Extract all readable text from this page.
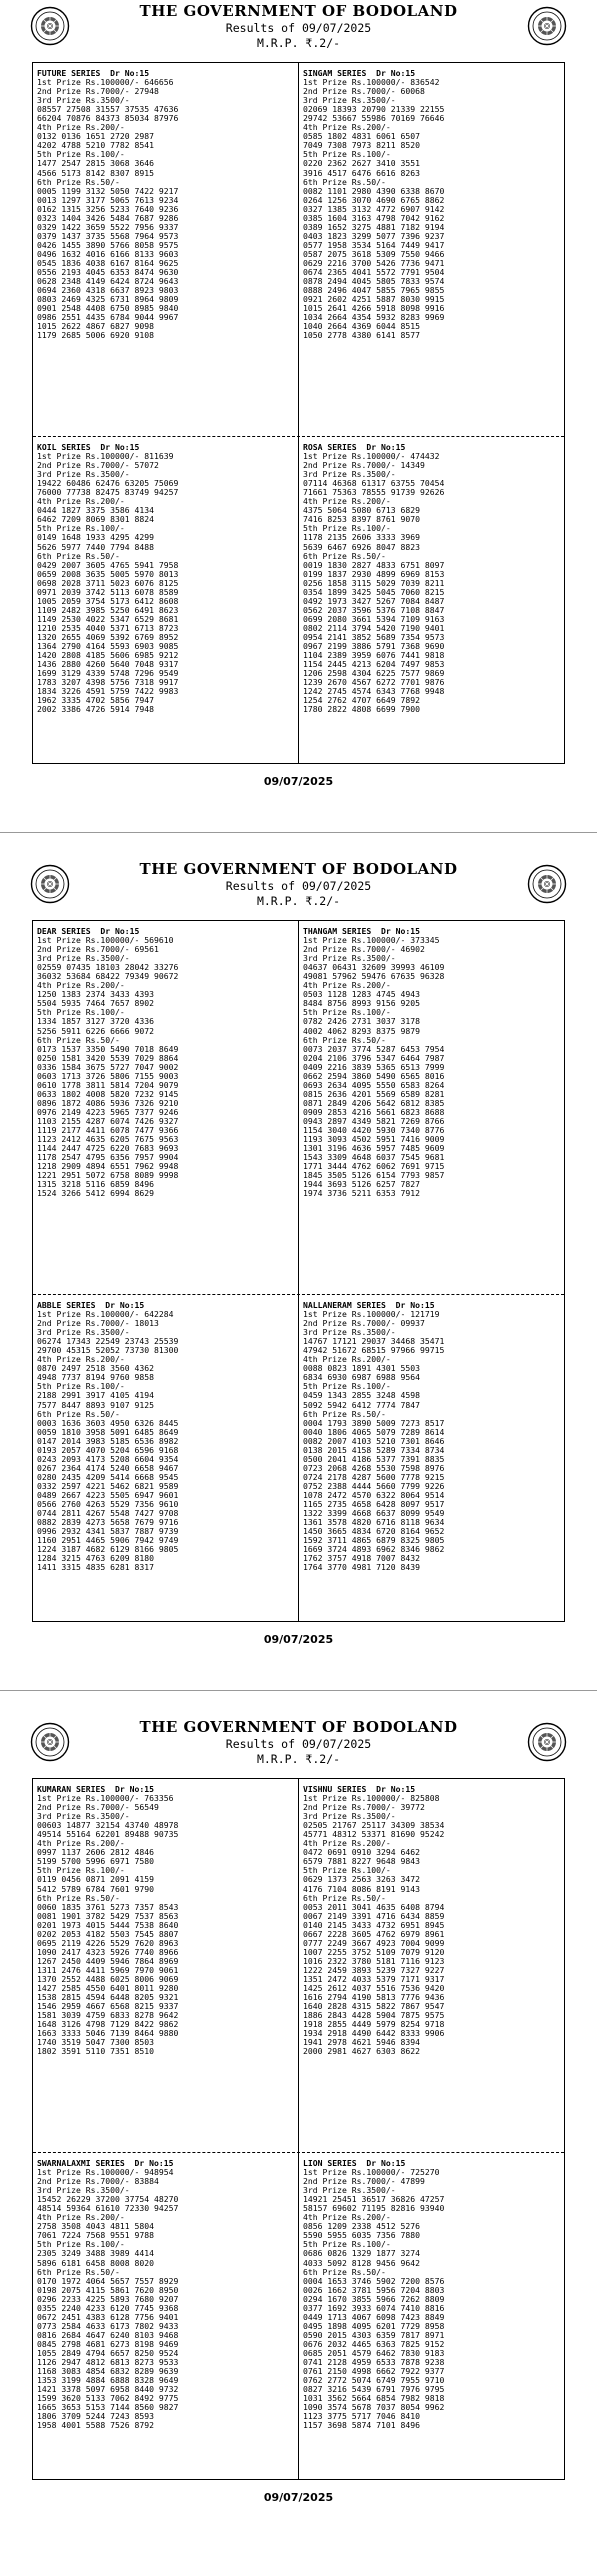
THE GOVERNMENT OF BODOLAND
Results of 09/07/2025
M.R.P. ₹.2/-
FUTURE SERIES  Dr No:15
1st Prize Rs.100000/- 646656
2nd Prize Rs.7000/- 27948
3rd Prize Rs.3500/-
08557 27508 31557 37535 47636
66204 70876 84373 85034 87976
4th Prize Rs.200/-
0132 0136 1651 2720 2987
4202 4788 5210 7782 8541
5th Prize Rs.100/-
1477 2547 2815 3068 3646
4566 5173 8142 8307 8915
6th Prize Rs.50/-
0005 1199 3132 5050 7422 9217
0013 1297 3177 5065 7613 9234
0162 1315 3256 5233 7640 9236
0323 1404 3426 5484 7687 9286
0329 1422 3659 5522 7956 9337
0379 1437 3735 5568 7964 9573
0426 1455 3890 5766 8058 9575
0496 1632 4016 6166 8133 9603
0545 1836 4038 6167 8164 9625
0556 2193 4045 6353 8474 9630
0628 2348 4149 6424 8724 9643
0694 2360 4318 6637 8923 9803
0803 2469 4325 6731 8964 9809
0901 2548 4408 6750 8985 9840
0986 2551 4435 6784 9044 9967
1015 2622 4867 6827 9098
1179 2685 5006 6920 9108
SINGAM SERIES  Dr No:15
1st Prize Rs.100000/- 836542
2nd Prize Rs.7000/- 60068
3rd Prize Rs.3500/-
02069 18393 20790 21339 22155
29742 53667 55986 70169 76646
4th Prize Rs.200/-
0585 1802 4831 6061 6507
7049 7308 7973 8211 8520
5th Prize Rs.100/-
0220 2362 2627 3410 3551
3916 4517 6476 6616 8263
6th Prize Rs.50/-
0082 1101 2980 4390 6338 8670
0264 1256 3070 4690 6765 8862
0327 1385 3132 4772 6907 9142
0385 1604 3163 4798 7042 9162
0389 1652 3275 4881 7182 9194
0403 1823 3299 5077 7396 9237
0577 1958 3534 5164 7449 9417
0587 2075 3618 5309 7550 9466
0629 2216 3700 5426 7736 9471
0674 2365 4041 5572 7791 9504
0878 2494 4045 5805 7833 9574
0888 2496 4047 5855 7965 9855
0921 2602 4251 5887 8030 9915
1015 2641 4266 5918 8098 9916
1034 2664 4354 5932 8283 9969
1040 2664 4369 6044 8515
1050 2778 4380 6141 8577
KOIL SERIES  Dr No:15
1st Prize Rs.100000/- 811639
2nd Prize Rs.7000/- 57072
3rd Prize Rs.3500/-
19422 60486 62476 63205 75069
76000 77738 82475 83749 94257
4th Prize Rs.200/-
0444 1827 3375 3586 4134
6462 7209 8069 8301 8824
5th Prize Rs.100/-
0149 1648 1933 4295 4299
5626 5977 7440 7794 8488
6th Prize Rs.50/-
0429 2007 3605 4765 5941 7958
0659 2008 3635 5005 5970 8013
0698 2028 3711 5023 6076 8125
0971 2039 3742 5113 6078 8589
1005 2059 3754 5173 6412 8608
1109 2482 3985 5250 6491 8623
1149 2530 4022 5347 6529 8681
1210 2535 4040 5371 6713 8723
1320 2655 4069 5392 6769 8952
1364 2790 4164 5593 6903 9085
1420 2808 4185 5606 6985 9212
1436 2880 4260 5640 7048 9317
1699 3129 4339 5748 7296 9549
1783 3207 4398 5756 7318 9917
1834 3226 4591 5759 7422 9983
1962 3335 4702 5856 7947
2002 3386 4726 5914 7948
ROSA SERIES  Dr No:15
1st Prize Rs.100000/- 474432
2nd Prize Rs.7000/- 14349
3rd Prize Rs.3500/-
07114 46368 61317 63755 70454
71661 75363 78555 91739 92626
4th Prize Rs.200/-
4375 5064 5080 6713 6829
7416 8253 8397 8761 9070
5th Prize Rs.100/-
1178 2135 2606 3333 3969
5639 6467 6926 8047 8823
6th Prize Rs.50/-
0019 1830 2827 4833 6751 8097
0199 1837 2930 4899 6969 8153
0256 1858 3115 5029 7039 8211
0354 1899 3425 5045 7060 8215
0492 1973 3427 5267 7084 8487
0562 2037 3596 5376 7108 8847
0699 2080 3661 5394 7109 9163
0802 2114 3794 5420 7190 9401
0954 2141 3852 5689 7354 9573
0967 2199 3886 5791 7368 9690
1104 2389 3959 6076 7441 9818
1154 2445 4213 6204 7497 9853
1206 2598 4304 6225 7577 9869
1239 2670 4567 6272 7701 9876
1242 2745 4574 6343 7768 9948
1254 2762 4707 6649 7892
1780 2822 4808 6699 7900
09/07/2025
THE GOVERNMENT OF BODOLAND
Results of 09/07/2025
M.R.P. ₹.2/-
DEAR SERIES  Dr No:15
1st Prize Rs.100000/- 569610
2nd Prize Rs.7000/- 69561
3rd Prize Rs.3500/-
02559 07435 18103 28042 33276
36032 53684 68422 79349 90672
4th Prize Rs.200/-
1250 1383 2374 3433 4393
5504 5935 7464 7657 8902
5th Prize Rs.100/-
1334 1857 3127 3720 4336
5256 5911 6226 6666 9072
6th Prize Rs.50/-
0173 1537 3350 5490 7018 8649
0250 1581 3420 5539 7029 8864
0336 1584 3675 5727 7047 9002
0603 1713 3726 5806 7155 9003
0610 1778 3811 5814 7204 9079
0633 1802 4008 5820 7232 9145
0896 1872 4086 5936 7326 9210
0976 2149 4223 5965 7377 9246
1103 2155 4287 6074 7426 9327
1119 2177 4411 6078 7477 9366
1123 2412 4635 6205 7675 9563
1144 2447 4725 6220 7683 9693
1178 2547 4795 6356 7957 9904
1218 2909 4894 6551 7962 9948
1221 2951 5072 6758 8089 9998
1315 3218 5116 6859 8496
1524 3266 5412 6994 8629
THANGAM SERIES  Dr No:15
1st Prize Rs.100000/- 373345
2nd Prize Rs.7000/- 46902
3rd Prize Rs.3500/-
04637 06431 32609 39993 46109
49081 57962 59476 67635 96328
4th Prize Rs.200/-
0503 1128 1283 4745 4943
8484 8756 8993 9156 9205
5th Prize Rs.100/-
0782 2426 2731 3037 3178
4002 4062 8293 8375 9879
6th Prize Rs.50/-
0073 2037 3774 5287 6453 7954
0204 2106 3796 5347 6464 7987
0409 2216 3839 5365 6513 7999
0662 2594 3860 5490 6565 8016
0693 2634 4095 5550 6583 8264
0815 2636 4201 5569 6589 8281
0871 2849 4206 5642 6812 8385
0909 2853 4216 5661 6823 8688
0943 2897 4349 5821 7269 8766
1154 3040 4420 5930 7340 8776
1193 3093 4502 5951 7416 9009
1301 3196 4636 5957 7485 9609
1543 3309 4648 6037 7545 9681
1771 3444 4762 6062 7691 9715
1845 3505 5126 6154 7793 9857
1944 3693 5126 6257 7827
1974 3736 5211 6353 7912
ABBLE SERIES  Dr No:15
1st Prize Rs.100000/- 642284
2nd Prize Rs.7000/- 18013
3rd Prize Rs.3500/-
06274 17343 22549 23743 25539
29700 45315 52052 73730 81300
4th Prize Rs.200/-
0870 2497 2518 3560 4362
4948 7737 8194 9760 9858
5th Prize Rs.100/-
2188 2991 3917 4105 4194
7577 8447 8893 9107 9125
6th Prize Rs.50/-
0003 1636 3603 4950 6326 8445
0059 1810 3958 5091 6485 8649
0147 2014 3983 5185 6536 8982
0193 2057 4070 5204 6596 9168
0243 2093 4173 5208 6604 9354
0267 2364 4174 5240 6658 9467
0280 2435 4209 5414 6668 9545
0332 2597 4221 5462 6821 9589
0489 2667 4223 5505 6947 9601
0566 2760 4263 5529 7356 9610
0744 2811 4267 5548 7427 9708
0882 2839 4273 5658 7679 9716
0996 2932 4341 5837 7887 9739
1160 2951 4465 5906 7942 9749
1224 3187 4682 6129 8166 9805
1284 3215 4763 6209 8180
1411 3315 4835 6281 8317
NALLANERAM SERIES  Dr No:15
1st Prize Rs.100000/- 121719
2nd Prize Rs.7000/- 09937
3rd Prize Rs.3500/-
14767 17121 29037 34468 35471
47942 51672 68515 97966 99715
4th Prize Rs.200/-
0088 0823 1891 4301 5503
6834 6930 6987 6988 9564
5th Prize Rs.100/-
0459 1343 2855 3248 4598
5092 5942 6412 7774 7847
6th Prize Rs.50/-
0004 1793 3890 5009 7273 8517
0040 1806 4065 5079 7289 8614
0082 2007 4103 5210 7301 8646
0138 2015 4158 5289 7334 8734
0500 2041 4186 5377 7391 8835
0723 2068 4268 5530 7598 8976
0724 2178 4287 5600 7778 9215
0752 2388 4444 5660 7799 9226
1078 2472 4570 6322 8064 9514
1165 2735 4658 6428 8097 9517
1322 3399 4668 6637 8099 9549
1361 3578 4820 6716 8118 9634
1450 3665 4834 6720 8164 9652
1592 3711 4865 6879 8325 9805
1669 3724 4893 6962 8346 9862
1762 3757 4918 7007 8432
1764 3770 4981 7120 8439
09/07/2025
THE GOVERNMENT OF BODOLAND
Results of 09/07/2025
M.R.P. ₹.2/-
KUMARAN SERIES  Dr No:15
1st Prize Rs.100000/- 763356
2nd Prize Rs.7000/- 56549
3rd Prize Rs.3500/-
00603 14877 32154 43740 48978
49514 55164 62201 89488 90735
4th Prize Rs.200/-
0997 1137 2606 2812 4846
5199 5700 5996 6971 7580
5th Prize Rs.100/-
0119 0456 0871 2091 4159
5412 5789 6784 7601 9790
6th Prize Rs.50/-
0060 1835 3761 5273 7357 8543
0081 1901 3782 5429 7537 8563
0201 1973 4015 5444 7538 8640
0202 2053 4182 5503 7545 8807
0695 2119 4226 5529 7620 8963
1090 2417 4323 5926 7740 8966
1267 2450 4409 5946 7864 8969
1311 2476 4411 5969 7970 9061
1370 2552 4488 6025 8006 9069
1427 2585 4550 6401 8011 9280
1538 2815 4594 6448 8205 9321
1546 2959 4667 6568 8215 9337
1581 3039 4759 6833 8278 9642
1648 3126 4798 7129 8422 9862
1663 3333 5046 7139 8464 9880
1740 3519 5047 7300 8503
1802 3591 5110 7351 8510
VISHNU SERIES  Dr No:15
1st Prize Rs.100000/- 825808
2nd Prize Rs.7000/- 39772
3rd Prize Rs.3500/-
02505 21767 25117 34309 38534
45771 48312 53371 81690 95242
4th Prize Rs.200/-
0472 0691 0910 3294 6462
6579 7881 8227 9648 9843
5th Prize Rs.100/-
0629 1373 2563 3263 3472
4176 7104 8086 8191 9143
6th Prize Rs.50/-
0053 2011 3041 4635 6408 8794
0067 2149 3391 4716 6434 8859
0140 2145 3433 4732 6951 8945
0667 2228 3605 4762 6979 8961
0777 2249 3667 4923 7004 9099
1007 2255 3752 5109 7079 9120
1016 2322 3780 5181 7116 9123
1222 2459 3893 5239 7327 9227
1351 2472 4033 5379 7171 9317
1425 2612 4037 5516 7536 9420
1616 2794 4190 5813 7776 9436
1640 2828 4315 5822 7867 9547
1886 2843 4428 5904 7875 9575
1918 2855 4449 5979 8254 9718
1934 2918 4490 6442 8333 9906
1941 2978 4621 5946 8394
2000 2981 4627 6303 8622
SWARNALAXMI SERIES  Dr No:15
1st Prize Rs.100000/- 948954
2nd Prize Rs.7000/- 83884
3rd Prize Rs.3500/-
15452 26229 37200 37754 48270
48514 59364 61610 72330 94257
4th Prize Rs.200/-
2758 3508 4043 4811 5804
7061 7224 7568 9551 9788
5th Prize Rs.100/-
2305 3249 3488 3989 4414
5896 6181 6458 8008 8020
6th Prize Rs.50/-
0170 1972 4064 5657 7557 8929
0198 2075 4115 5861 7620 8950
0296 2233 4225 5893 7680 9207
0355 2240 4233 6120 7745 9368
0672 2451 4383 6128 7756 9401
0773 2584 4633 6173 7802 9433
0816 2684 4647 6240 8103 9468
0845 2798 4681 6273 8198 9469
1055 2849 4794 6657 8250 9524
1126 2947 4812 6813 8273 9533
1168 3083 4854 6832 8289 9639
1353 3199 4884 6888 8328 9649
1421 3378 5097 6958 8440 9732
1599 3620 5133 7062 8492 9775
1665 3653 5153 7144 8560 9827
1806 3709 5244 7243 8593
1958 4001 5588 7526 8792
LION SERIES  Dr No:15
1st Prize Rs.100000/- 725270
2nd Prize Rs.7000/- 47899
3rd Prize Rs.3500/-
14921 25451 36517 36826 47257
58157 69602 71195 82816 93940
4th Prize Rs.200/-
0856 1209 2338 4512 5276
5590 5955 6035 7356 7880
5th Prize Rs.100/-
0686 0826 1329 1877 3274
4033 5092 8128 9456 9642
6th Prize Rs.50/-
0004 1653 3746 5902 7200 8576
0026 1662 3781 5956 7204 8803
0294 1670 3855 5966 7262 8809
0377 1692 3933 6074 7410 8816
0449 1713 4067 6098 7423 8849
0495 1898 4095 6201 7729 8958
0590 2015 4303 6359 7817 8971
0676 2032 4465 6363 7825 9152
0685 2051 4579 6462 7830 9183
0741 2128 4959 6533 7878 9238
0761 2150 4998 6662 7922 9377
0762 2772 5074 6749 7955 9710
0827 3216 5439 6791 7976 9795
1031 3562 5664 6854 7982 9818
1090 3574 5678 7037 8054 9962
1123 3775 5717 7046 8410
1157 3698 5874 7101 8496
09/07/2025
